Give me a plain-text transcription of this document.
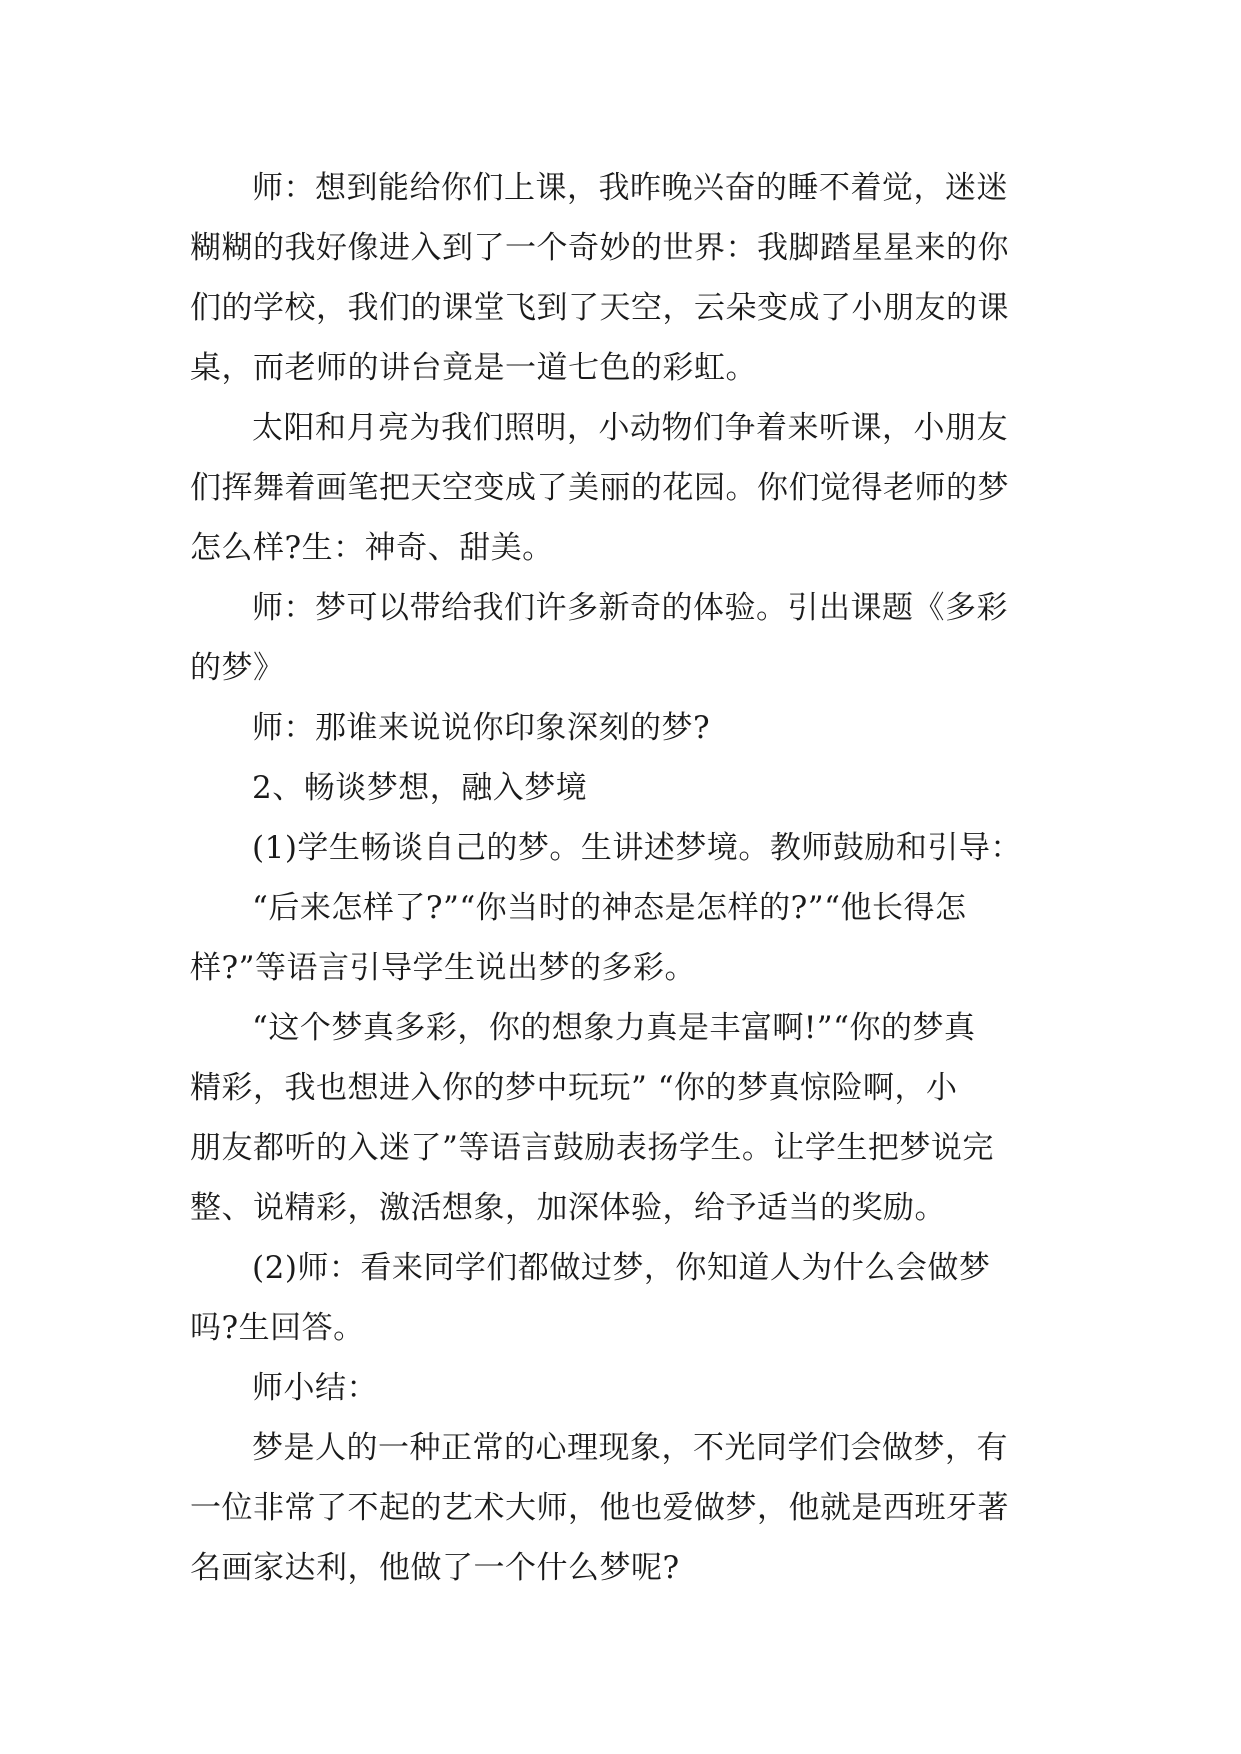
师：想到能给你们上课，我昨晚兴奋的睡不着觉，迷迷
糊糊的我好像进入到了一个奇妙的世界：我脚踏星星来的你
们的学校，我们的课堂飞到了天空，云朵变成了小朋友的课
桌，而老师的讲台竟是一道七色的彩虹。

太阳和月亮为我们照明，小动物们争着来听课，小朋友
们挥舞着画笔把天空变成了美丽的花园。你们觉得老师的梦
怎么样?生：神奇、甜美。

师：梦可以带给我们许多新奇的体验。引出课题《多彩
的梦》

师：那谁来说说你印象深刻的梦?

2、畅谈梦想，融入梦境

(1)学生畅谈自己的梦。生讲述梦境。教师鼓励和引导：

“后来怎样了?”“你当时的神态是怎样的?”“他长得怎
样?”等语言引导学生说出梦的多彩。

“这个梦真多彩，你的想象力真是丰富啊!”“你的梦真
精彩，我也想进入你的梦中玩玩” “你的梦真惊险啊，小
朋友都听的入迷了”等语言鼓励表扬学生。让学生把梦说完
整、说精彩，激活想象，加深体验，给予适当的奖励。

(2)师：看来同学们都做过梦，你知道人为什么会做梦
吗?生回答。

师小结：

梦是人的一种正常的心理现象，不光同学们会做梦，有
一位非常了不起的艺术大师，他也爱做梦，他就是西班牙著
名画家达利，他做了一个什么梦呢?
